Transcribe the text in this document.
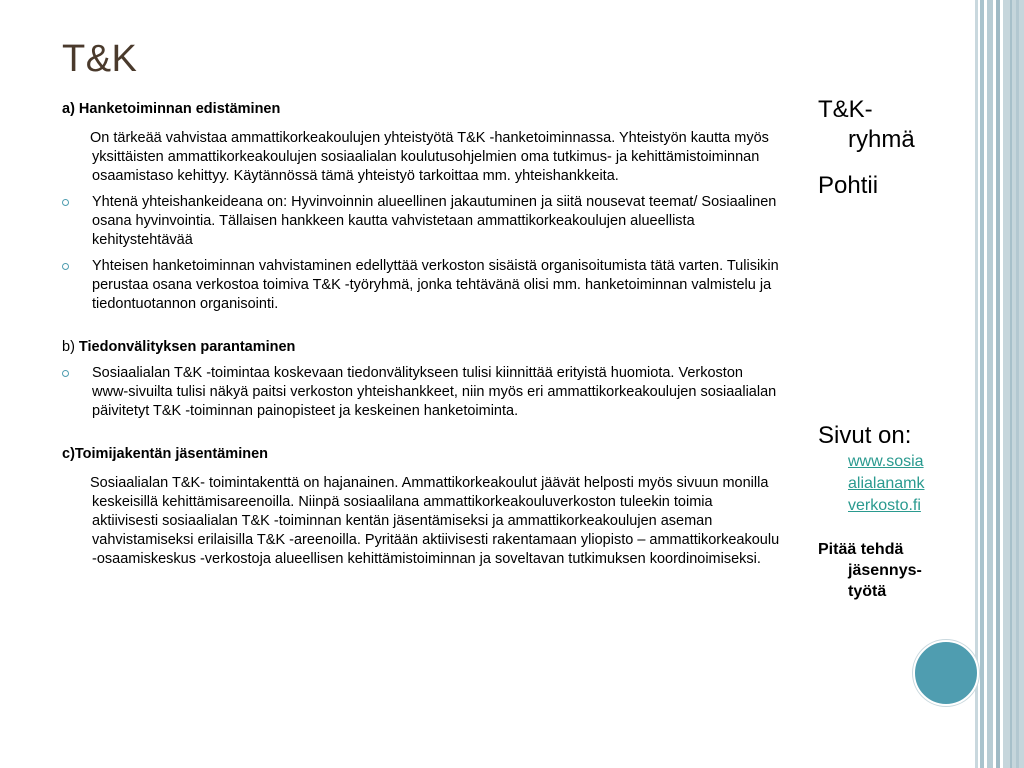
T&K

a) Hanketoiminnan edistäminen

On tärkeää vahvistaa ammattikorkeakoulujen yhteistyötä T&K -hanketoiminnassa. Yhteistyön kautta myös yksittäisten ammattikorkeakoulujen sosiaalialan koulutusohjelmien oma tutkimus- ja kehittämistoiminnan osaamistaso kehittyy. Käytännössä tämä yhteistyö tarkoittaa mm. yhteishankkeita.

Yhtenä yhteishankeideana on: Hyvinvoinnin alueellinen jakautuminen ja siitä nousevat teemat/ Sosiaalinen osana hyvinvointia. Tällaisen hankkeen kautta vahvistetaan ammattikorkeakoulujen alueellista kehitystehtävää

Yhteisen hanketoiminnan vahvistaminen edellyttää verkoston sisäistä organisoitumista tätä varten. Tulisikin perustaa osana verkostoa toimiva T&K -työryhmä, jonka tehtävänä olisi mm. hanketoiminnan valmistelu ja tiedontuotannon organisointi.

b) Tiedonvälityksen parantaminen

Sosiaalialan T&K -toimintaa koskevaan tiedonvälitykseen tulisi kiinnittää erityistä huomiota. Verkoston www-sivuilta tulisi näkyä paitsi verkoston yhteishankkeet, niin myös eri ammattikorkeakoulujen sosiaalialan päivitetyt T&K -toiminnan painopisteet ja keskeinen hanketoiminta.

c)Toimijakentän jäsentäminen

Sosiaalialan T&K- toimintakenttä on hajanainen. Ammattikorkeakoulut jäävät helposti myös sivuun monilla keskeisillä kehittämisareenoilla. Niinpä sosiaalilana ammattikorkeakouluverkoston tuleekin toimia aktiivisesti sosiaalialan T&K -toiminnan kentän jäsentämiseksi ja ammattikorkeakoulujen aseman vahvistamiseksi erilaisilla T&K -areenoilla. Pyritään aktiivisesti rakentamaan yliopisto – ammattikorkeakoulu -osaamiskeskus -verkostoja alueellisen kehittämistoiminnan ja soveltavan tutkimuksen koordinoimiseksi.

T&K-
ryhmä
Pohtii
Sivut on:
www.sosia
alialanamk
verkosto.fi
Pitää tehdä
jäsennys-
työtä
